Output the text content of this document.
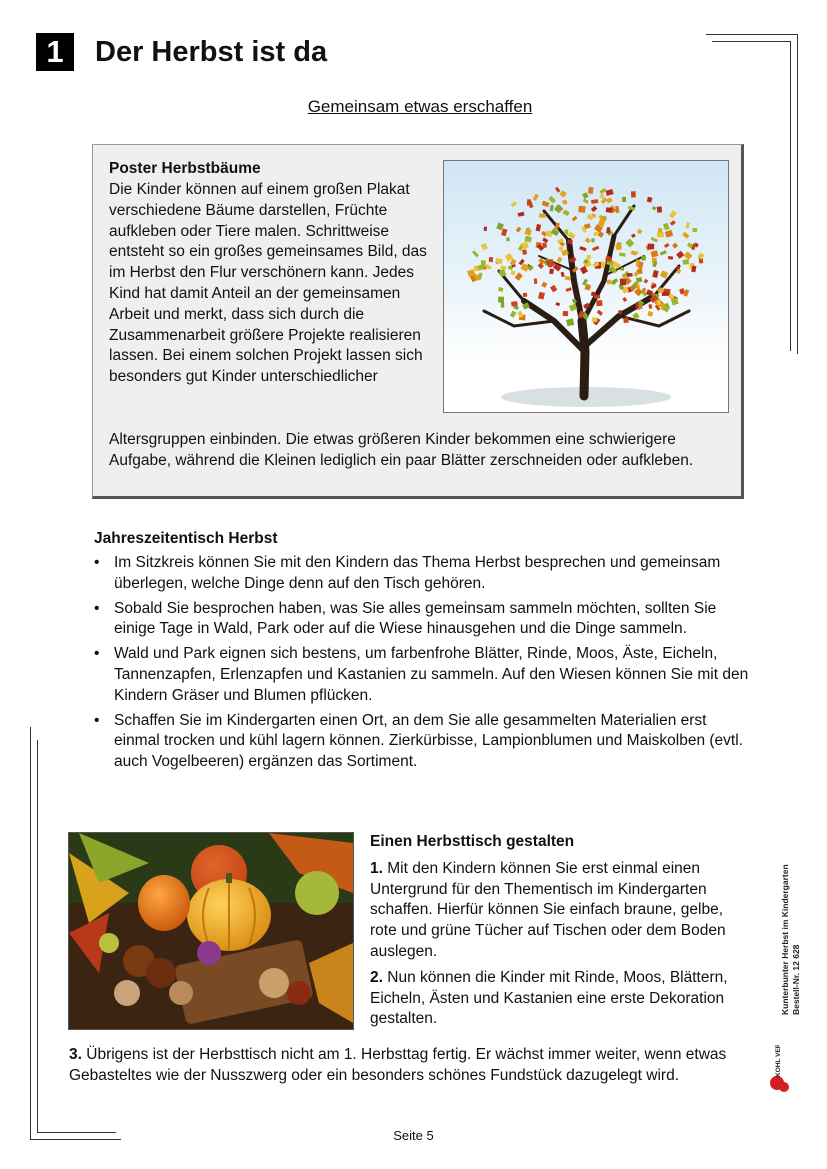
1	Der Herbst ist da
Gemeinsam etwas erschaffen
Poster Herbstbäume
Die Kinder können auf einem großen Plakat verschiedene Bäume darstellen, Früchte aufkleben oder Tiere malen. Schrittweise entsteht so ein großes gemeinsames Bild, das im Herbst den Flur verschönern kann. Jedes Kind hat damit Anteil an der gemeinsamen Arbeit und merkt, dass sich durch die Zusammenarbeit größere Projekte realisieren lassen. Bei einem solchen Projekt lassen sich besonders gut Kinder unterschiedlicher
Altersgruppen einbinden. Die etwas größeren Kinder bekommen eine schwierigere Aufgabe, während die Kleinen lediglich ein paar Blätter zerschneiden oder aufkleben.
Jahreszeitentisch Herbst
• Im Sitzkreis können Sie mit den Kindern das Thema Herbst besprechen und gemeinsam überlegen, welche Dinge denn auf den Tisch gehören.
• Sobald Sie besprochen haben, was Sie alles gemeinsam sammeln möchten, sollten Sie einige Tage in Wald, Park oder auf die Wiese hinausgehen und die Dinge sammeln.
• Wald und Park eignen sich bestens, um farbenfrohe Blätter, Rinde, Moos, Äste, Eicheln, Tannenzapfen, Erlenzapfen und Kastanien zu sammeln. Auf den Wiesen können Sie mit den Kindern Gräser und Blumen pflücken.
• Schaffen Sie im Kindergarten einen Ort, an dem Sie alle gesammelten Materialien erst einmal trocken und kühl lagern können. Zierkürbisse, Lampionblumen und Maiskolben (evtl. auch Vogelbeeren) ergänzen das Sortiment.
Einen Herbsttisch gestalten

1. Mit den Kindern können Sie erst einmal einen Untergrund für den Thementisch im Kindergarten schaffen. Hierfür können Sie einfach braune, gelbe, rote und grüne Tücher auf Tischen oder dem Boden auslegen.

2. Nun können die Kinder mit Rinde, Moos, Blättern, Eicheln, Ästen und Kastanien eine erste Dekoration gestalten.

3. Übrigens ist der Herbsttisch nicht am 1. Herbsttag fertig. Er wächst immer weiter, wenn etwas Gebasteltes wie der Nusszwerg oder ein besonders schönes Fundstück dazugelegt wird.
Kunterbunter Herbst im Kindergarten Bestell-Nr. 12 628
KOHL VERLAG
Seite 5
